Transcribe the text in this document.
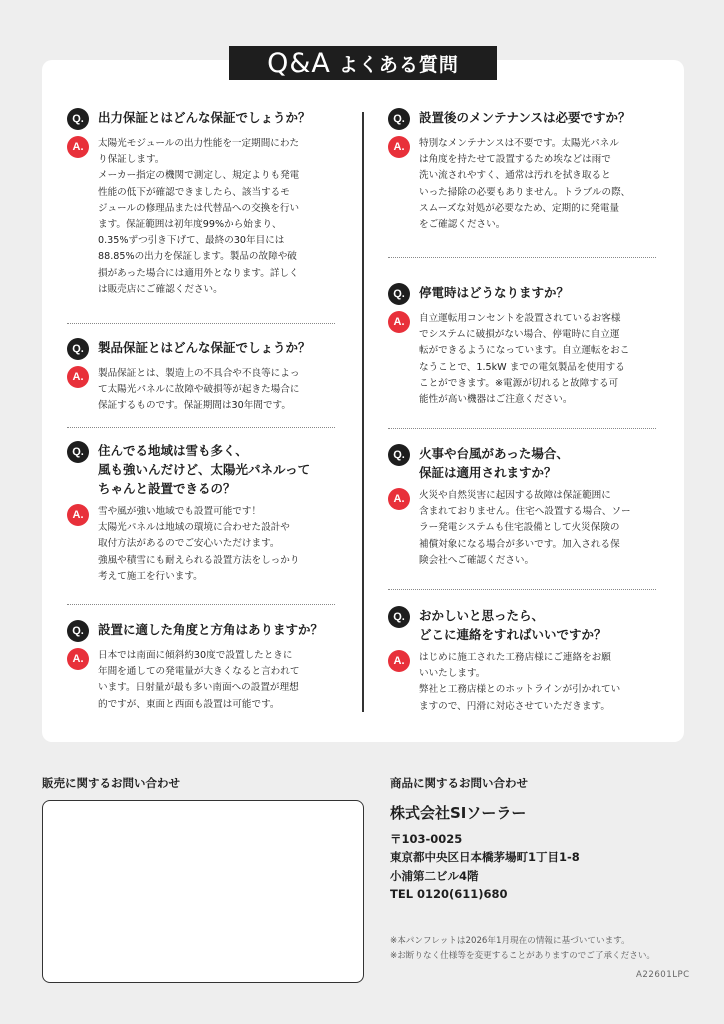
Q&A よくある質問
Q.	出力保証とはどんな保証でしょうか？
A.	太陽光モジュールの出力性能を一定期間にわた
り保証します。
メーカー指定の機関で測定し、規定よりも発電
性能の低下が確認できましたら、該当するモ
ジュールの修理品または代替品への交換を行い
ます。保証範囲は初年度99%から始まり、
0.35%ずつ引き下げて、最終の30年目には
88.85%の出力を保証します。製品の故障や破
損があった場合には適用外となります。詳しく
は販売店にご確認ください。
Q.	製品保証とはどんな保証でしょうか？
A.	製品保証とは、製造上の不具合や不良等によっ
て太陽光パネルに故障や破損等が起きた場合に
保証するものです。保証期間は30年間です。
Q.	住んでる地域は雪も多く、
風も強いんだけど、太陽光パネルって
ちゃんと設置できるの？
A.	雪や風が強い地域でも設置可能です！
太陽光パネルは地域の環境に合わせた設計や
取付方法があるのでご安心いただけます。
強風や積雪にも耐えられる設置方法をしっかり
考えて施工を行います。
Q.	設置に適した角度と方角はありますか？
A.	日本では南面に傾斜約30度で設置したときに
年間を通しての発電量が大きくなると言われて
います。日射量が最も多い南面への設置が理想
的ですが、東面と西面も設置は可能です。
Q.	設置後のメンテナンスは必要ですか？
A.	特別なメンテナンスは不要です。太陽光パネル
は角度を持たせて設置するため埃などは雨で
洗い流されやすく、通常は汚れを拭き取ると
いった掃除の必要もありません。トラブルの際、
スムーズな対処が必要なため、定期的に発電量
をご確認ください。
Q.	停電時はどうなりますか？
A.	自立運転用コンセントを設置されているお客様
でシステムに破損がない場合、停電時に自立運
転ができるようになっています。自立運転をおこ
なうことで、1.5kW までの電気製品を使用する
ことができます。※電源が切れると故障する可
能性が高い機器はご注意ください。
Q.	火事や台風があった場合、
保証は適用されますか？
A.	火災や自然災害に起因する故障は保証範囲に
含まれておりません。住宅へ設置する場合、ソー
ラー発電システムも住宅設備として火災保険の
補償対象になる場合が多いです。加入される保
険会社へご確認ください。
Q.	おかしいと思ったら、
どこに連絡をすればいいですか？
A.	はじめに施工された工務店様にご連絡をお願
いいたします。
弊社と工務店様とのホットラインが引かれてい
ますので、円滑に対応させていただきます。
販売に関するお問い合わせ	商品に関するお問い合わせ
株式会社SIソーラー
〒103-0025
東京都中央区日本橋茅場町1丁目1-8
小浦第二ビル4階
TEL 0120(611)680
※本パンフレットは2026年1月現在の情報に基づいています。
※お断りなく仕様等を変更することがありますのでご了承ください。
A22601LPC
